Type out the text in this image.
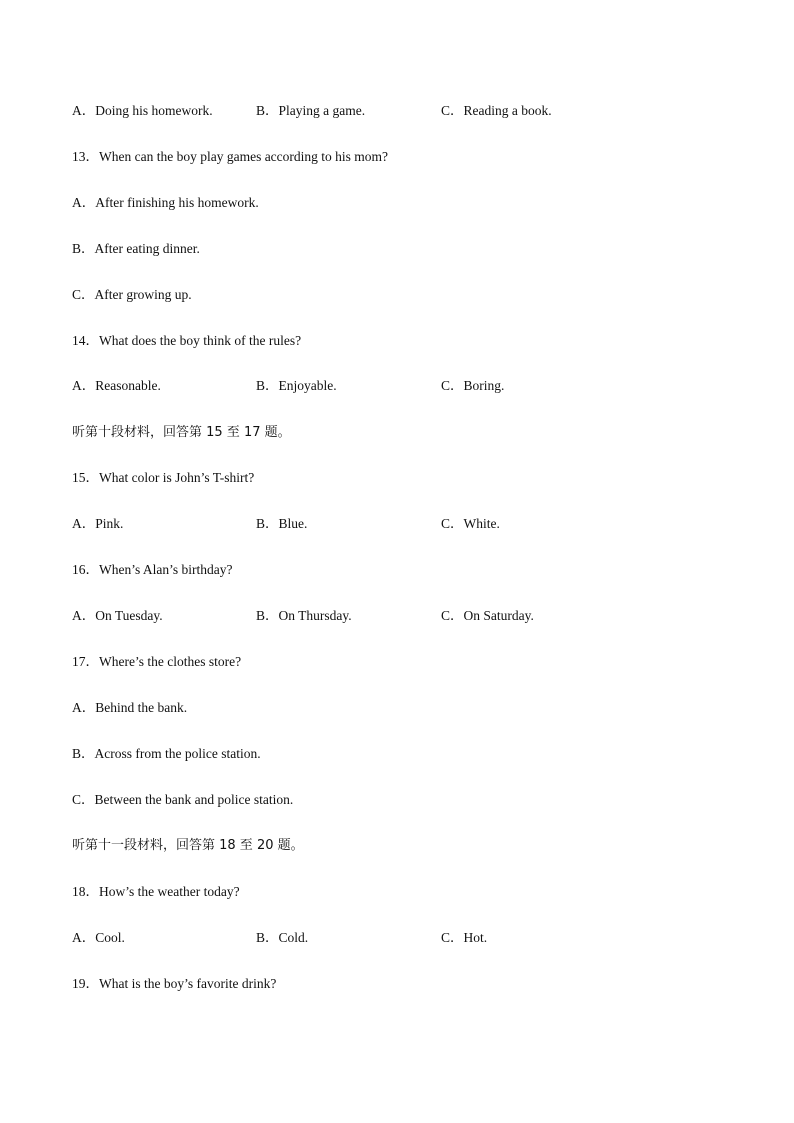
A．Doing his homework.	B．Playing a game.	C．Reading a book.
13．When can the boy play games according to his mom?
A．After finishing his homework.
B．After eating dinner.
C．After growing up.
14．What does the boy think of the rules?
A．Reasonable.	B．Enjoyable.	C．Boring.
听第十段材料，回答第 15 至 17 题。
15．What color is John’s T-shirt?
A．Pink.	B．Blue.	C．White.
16．When’s Alan’s birthday?
A．On Tuesday.	B．On Thursday.	C．On Saturday.
17．Where’s the clothes store?
A．Behind the bank.
B．Across from the police station.
C．Between the bank and police station.
听第十一段材料，回答第 18 至 20 题。
18．How’s the weather today?
A．Cool.	B．Cold.	C．Hot.
19．What is the boy’s favorite drink?
